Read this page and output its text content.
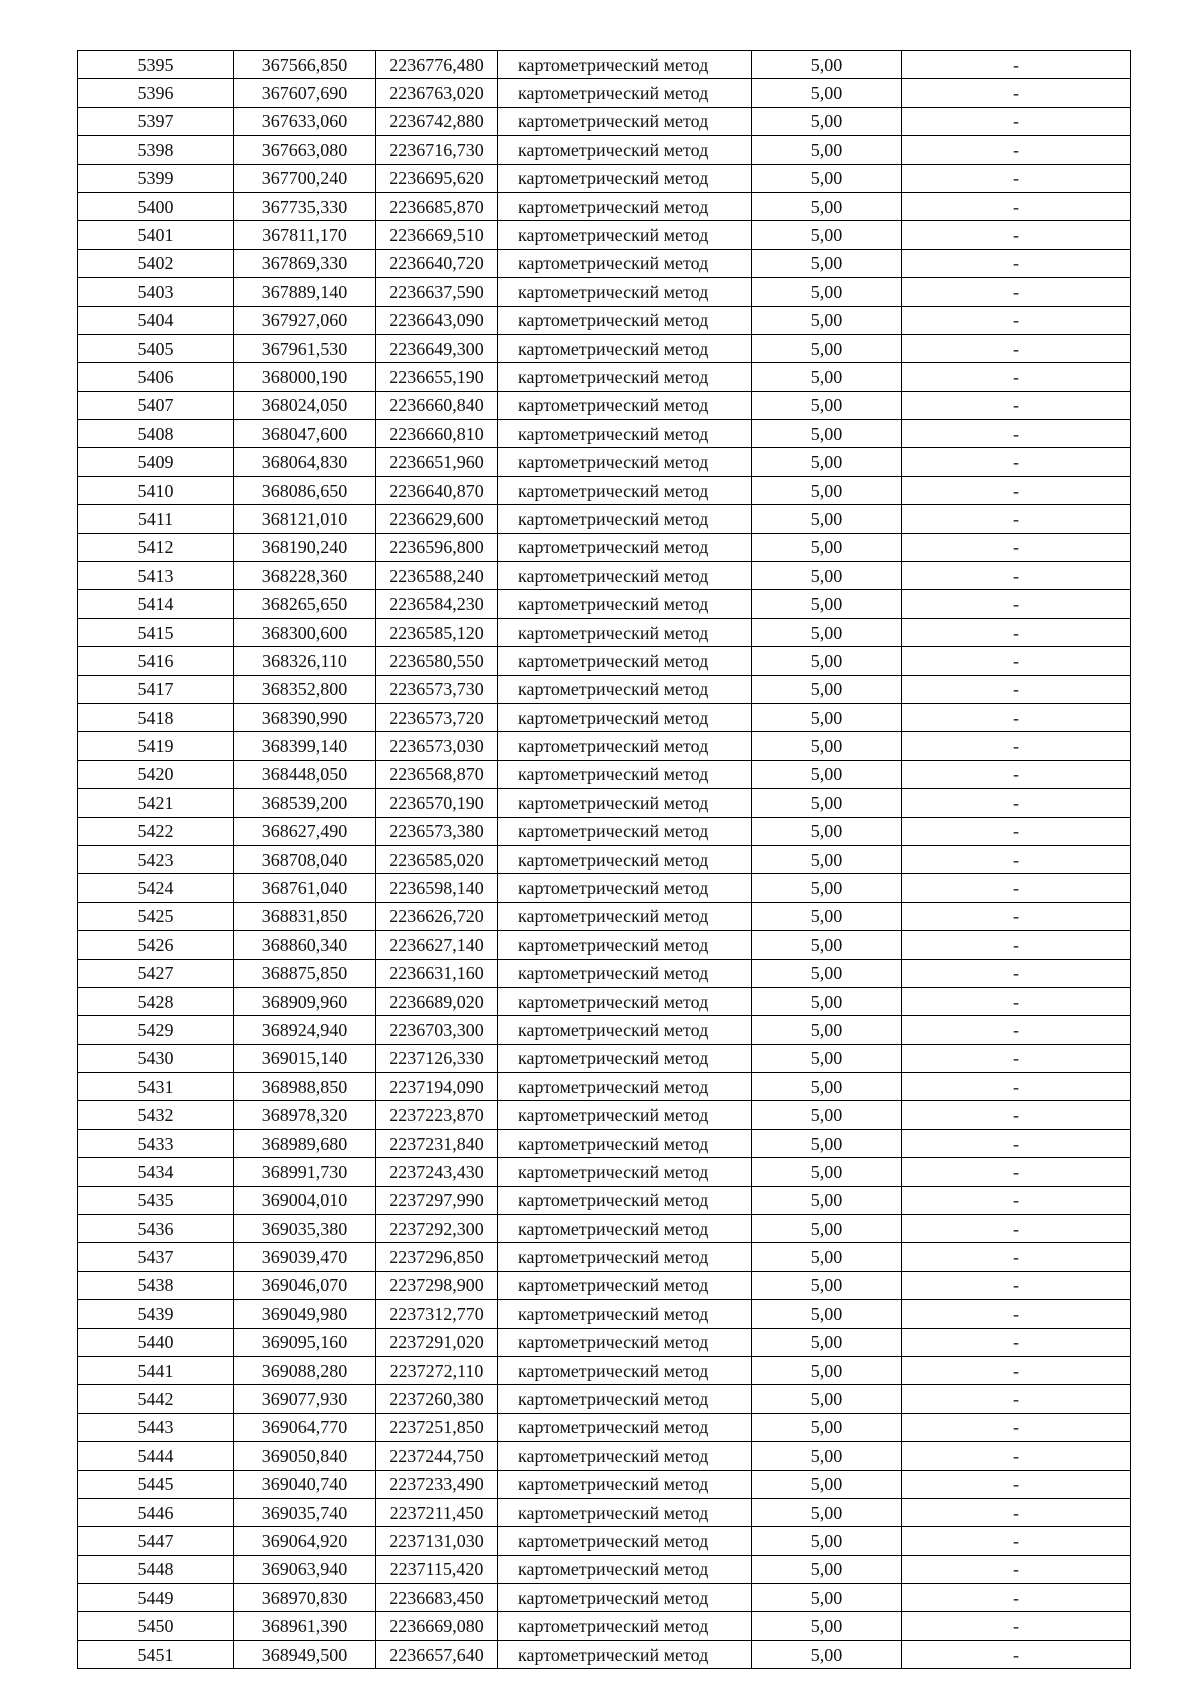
5395	367566,850	2236776,480	картометрический метод	5,00	-
5396	367607,690	2236763,020	картометрический метод	5,00	-
5397	367633,060	2236742,880	картометрический метод	5,00	-
5398	367663,080	2236716,730	картометрический метод	5,00	-
5399	367700,240	2236695,620	картометрический метод	5,00	-
5400	367735,330	2236685,870	картометрический метод	5,00	-
5401	367811,170	2236669,510	картометрический метод	5,00	-
5402	367869,330	2236640,720	картометрический метод	5,00	-
5403	367889,140	2236637,590	картометрический метод	5,00	-
5404	367927,060	2236643,090	картометрический метод	5,00	-
5405	367961,530	2236649,300	картометрический метод	5,00	-
5406	368000,190	2236655,190	картометрический метод	5,00	-
5407	368024,050	2236660,840	картометрический метод	5,00	-
5408	368047,600	2236660,810	картометрический метод	5,00	-
5409	368064,830	2236651,960	картометрический метод	5,00	-
5410	368086,650	2236640,870	картометрический метод	5,00	-
5411	368121,010	2236629,600	картометрический метод	5,00	-
5412	368190,240	2236596,800	картометрический метод	5,00	-
5413	368228,360	2236588,240	картометрический метод	5,00	-
5414	368265,650	2236584,230	картометрический метод	5,00	-
5415	368300,600	2236585,120	картометрический метод	5,00	-
5416	368326,110	2236580,550	картометрический метод	5,00	-
5417	368352,800	2236573,730	картометрический метод	5,00	-
5418	368390,990	2236573,720	картометрический метод	5,00	-
5419	368399,140	2236573,030	картометрический метод	5,00	-
5420	368448,050	2236568,870	картометрический метод	5,00	-
5421	368539,200	2236570,190	картометрический метод	5,00	-
5422	368627,490	2236573,380	картометрический метод	5,00	-
5423	368708,040	2236585,020	картометрический метод	5,00	-
5424	368761,040	2236598,140	картометрический метод	5,00	-
5425	368831,850	2236626,720	картометрический метод	5,00	-
5426	368860,340	2236627,140	картометрический метод	5,00	-
5427	368875,850	2236631,160	картометрический метод	5,00	-
5428	368909,960	2236689,020	картометрический метод	5,00	-
5429	368924,940	2236703,300	картометрический метод	5,00	-
5430	369015,140	2237126,330	картометрический метод	5,00	-
5431	368988,850	2237194,090	картометрический метод	5,00	-
5432	368978,320	2237223,870	картометрический метод	5,00	-
5433	368989,680	2237231,840	картометрический метод	5,00	-
5434	368991,730	2237243,430	картометрический метод	5,00	-
5435	369004,010	2237297,990	картометрический метод	5,00	-
5436	369035,380	2237292,300	картометрический метод	5,00	-
5437	369039,470	2237296,850	картометрический метод	5,00	-
5438	369046,070	2237298,900	картометрический метод	5,00	-
5439	369049,980	2237312,770	картометрический метод	5,00	-
5440	369095,160	2237291,020	картометрический метод	5,00	-
5441	369088,280	2237272,110	картометрический метод	5,00	-
5442	369077,930	2237260,380	картометрический метод	5,00	-
5443	369064,770	2237251,850	картометрический метод	5,00	-
5444	369050,840	2237244,750	картометрический метод	5,00	-
5445	369040,740	2237233,490	картометрический метод	5,00	-
5446	369035,740	2237211,450	картометрический метод	5,00	-
5447	369064,920	2237131,030	картометрический метод	5,00	-
5448	369063,940	2237115,420	картометрический метод	5,00	-
5449	368970,830	2236683,450	картометрический метод	5,00	-
5450	368961,390	2236669,080	картометрический метод	5,00	-
5451	368949,500	2236657,640	картометрический метод	5,00	-
